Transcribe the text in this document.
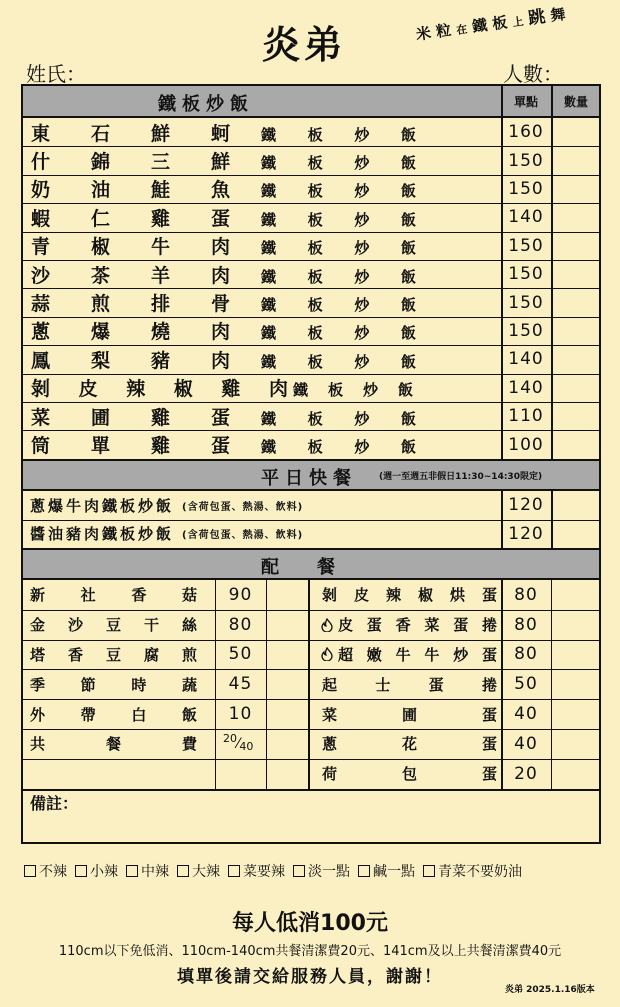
炎弟	米 粒 在 鐵 板 上 跳 舞
姓氏：	人數：
鐵板炒飯	單點	數量
東 石 鮮 蚵 鐵 板 炒 飯	160
什 錦 三 鮮 鐵 板 炒 飯	150
奶 油 鮭 魚 鐵 板 炒 飯	150
蝦 仁 雞 蛋 鐵 板 炒 飯	140
青 椒 牛 肉 鐵 板 炒 飯	150
沙 茶 羊 肉 鐵 板 炒 飯	150
蒜 煎 排 骨 鐵 板 炒 飯	150
蔥 爆 燒 肉 鐵 板 炒 飯	150
鳳 梨 豬 肉 鐵 板 炒 飯	140
剝 皮 辣 椒 雞 肉 鐵 板 炒 飯	140
菜 圃 雞 蛋 鐵 板 炒 飯	110
筒 單 雞 蛋 鐵 板 炒 飯	100
平日快餐 (週一至週五非假日11:30~14:30限定)
蔥爆牛肉鐵板炒飯 (含荷包蛋、熱湯、飲料)	120
醬油豬肉鐵板炒飯 (含荷包蛋、熱湯、飲料)	120
配　餐
新 社 香 菇	90
金 沙 豆 干 絲	80
塔 香 豆 腐 煎	50
季 節 時 蔬	45
外 帶 白 飯	10
共	餐	費 20 ⁄ 40
剝 皮 辣 椒 烘 蛋	80
皮 蛋 香 菜 蛋 捲	80
超 嫩 牛 牛 炒 蛋	80
起	士	蛋	捲	50
菜	圃	蛋	40
蔥	花	蛋	40
荷	包	蛋	20
備註：
不辣 小辣 中辣 大辣 菜要辣 淡一點 鹹一點 青菜不要奶油
每人低消100元
110cm以下免低消、110cm-140cm共餐清潔費20元、141cm及以上共餐清潔費40元
填單後請交給服務人員，謝謝！
炎弟 2025.1.16版本
